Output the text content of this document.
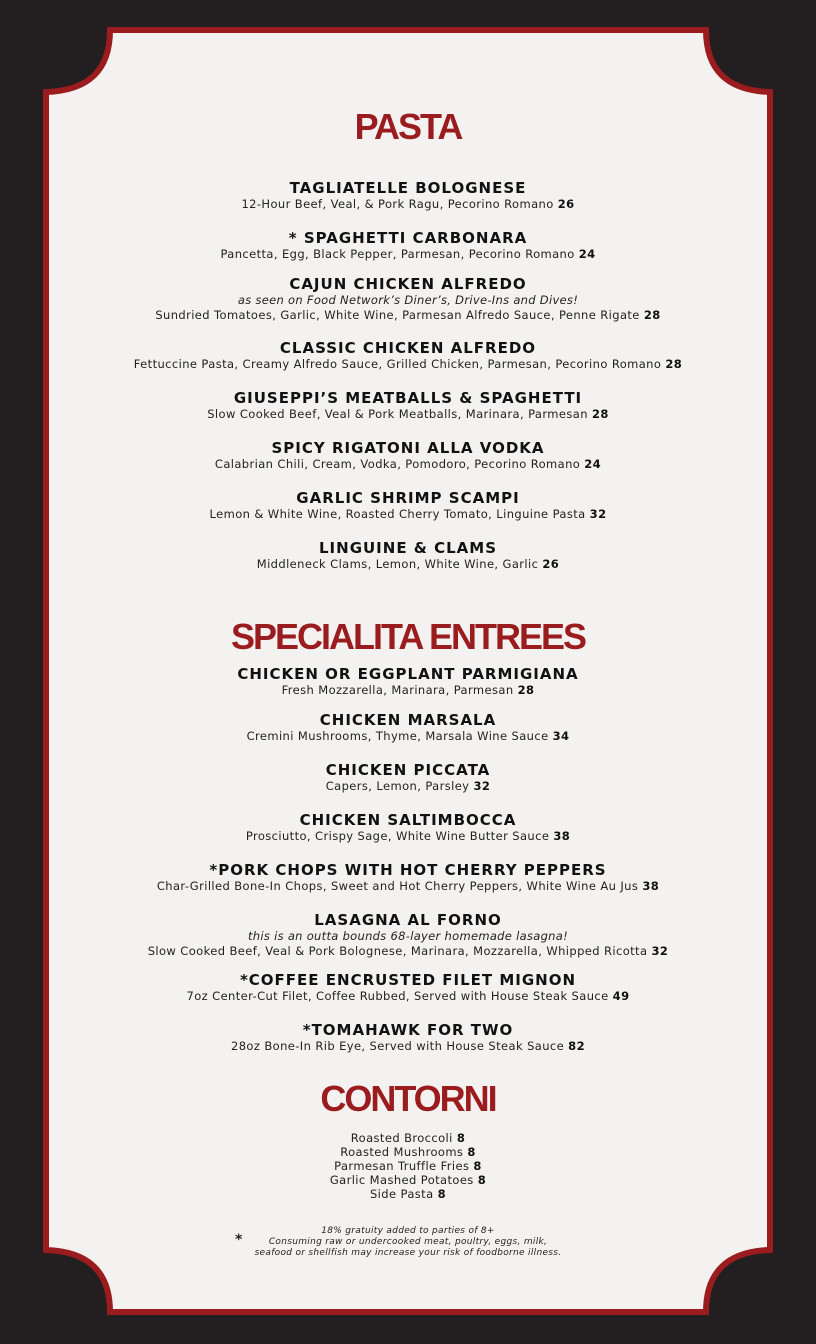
PASTA
TAGLIATELLE BOLOGNESE
12-Hour Beef, Veal, & Pork Ragu, Pecorino Romano 26
* SPAGHETTI CARBONARA
Pancetta, Egg, Black Pepper, Parmesan, Pecorino Romano 24
CAJUN CHICKEN ALFREDO
as seen on Food Network’s Diner’s, Drive-Ins and Dives!
Sundried Tomatoes, Garlic, White Wine, Parmesan Alfredo Sauce, Penne Rigate 28
CLASSIC CHICKEN ALFREDO
Fettuccine Pasta, Creamy Alfredo Sauce, Grilled Chicken, Parmesan, Pecorino Romano 28
GIUSEPPI’S MEATBALLS & SPAGHETTI
Slow Cooked Beef, Veal & Pork Meatballs, Marinara, Parmesan 28
SPICY RIGATONI ALLA VODKA
Calabrian Chili, Cream, Vodka, Pomodoro, Pecorino Romano 24
GARLIC SHRIMP SCAMPI
Lemon & White Wine, Roasted Cherry Tomato, Linguine Pasta 32
LINGUINE & CLAMS
Middleneck Clams, Lemon, White Wine, Garlic 26
SPECIALITA ENTREES
CHICKEN OR EGGPLANT PARMIGIANA
Fresh Mozzarella, Marinara, Parmesan 28
CHICKEN MARSALA
Cremini Mushrooms, Thyme, Marsala Wine Sauce 34
CHICKEN PICCATA
Capers, Lemon, Parsley 32
CHICKEN SALTIMBOCCA
Prosciutto, Crispy Sage, White Wine Butter Sauce 38
*PORK CHOPS WITH HOT CHERRY PEPPERS
Char-Grilled Bone-In Chops, Sweet and Hot Cherry Peppers, White Wine Au Jus 38
LASAGNA AL FORNO
this is an outta bounds 68-layer homemade lasagna!
Slow Cooked Beef, Veal & Pork Bolognese, Marinara, Mozzarella, Whipped Ricotta 32
*COFFEE ENCRUSTED FILET MIGNON
7oz Center-Cut Filet, Coffee Rubbed, Served with House Steak Sauce 49
*TOMAHAWK FOR TWO
28oz Bone-In Rib Eye, Served with House Steak Sauce 82
CONTORNI
Roasted Broccoli 8
Roasted Mushrooms 8
Parmesan Truffle Fries 8
Garlic Mashed Potatoes 8
Side Pasta 8
*
18% gratuity added to parties of 8+
Consuming raw or undercooked meat, poultry, eggs, milk,
seafood or shellfish may increase your risk of foodborne illness.
